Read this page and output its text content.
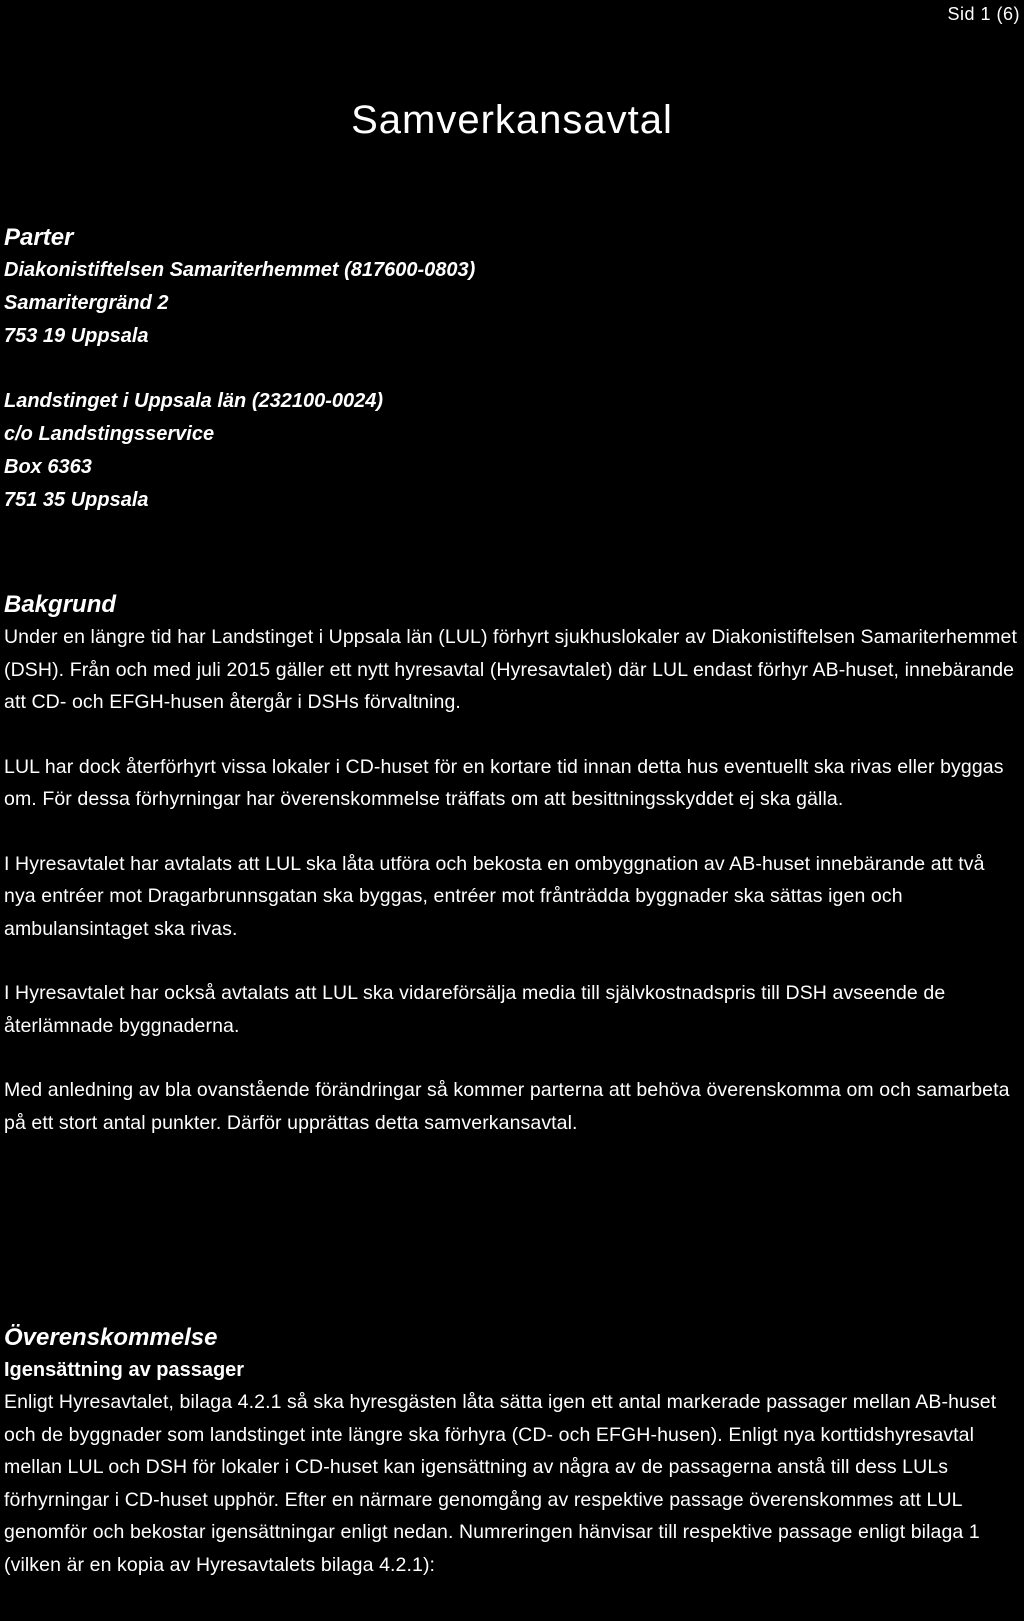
Sid 1 (6)
Samverkansavtal
Parter

Diakonistiftelsen Samariterhemmet (817600-0803)

Samaritergränd 2

753 19 Uppsala

Landstinget i Uppsala län (232100-0024)

c/o Landstingsservice

Box 6363

751 35 Uppsala

Bakgrund

Under en längre tid har Landstinget i Uppsala län (LUL) förhyrt sjukhuslokaler av Diakonistiftelsen Samariterhemmet (DSH). Från och med juli 2015 gäller ett nytt hyresavtal (Hyresavtalet) där LUL endast förhyr AB-huset, innebärande att CD- och EFGH-husen återgår i DSHs förvaltning.

LUL har dock återförhyrt vissa lokaler i CD-huset för en kortare tid innan detta hus eventuellt ska rivas eller byggas om. För dessa förhyrningar har överenskommelse träffats om att besittningsskyddet ej ska gälla.

I Hyresavtalet har avtalats att LUL ska låta utföra och bekosta en ombyggnation av AB-huset innebärande att två nya entréer mot Dragarbrunnsgatan ska byggas, entréer mot frånträdda byggnader ska sättas igen och ambulansintaget ska rivas.

I Hyresavtalet har också avtalats att LUL ska vidareförsälja media till självkostnadspris till DSH avseende de återlämnade byggnaderna.

Med anledning av bla ovanstående förändringar så kommer parterna att behöva överenskomma om och samarbeta på ett stort antal punkter. Därför upprättas detta samverkansavtal.

Överenskommelse

Igensättning av passager

Enligt Hyresavtalet, bilaga 4.2.1 så ska hyresgästen låta sätta igen ett antal markerade passager mellan AB-huset och de byggnader som landstinget inte längre ska förhyra (CD- och EFGH-husen). Enligt nya korttidshyresavtal mellan LUL och DSH för lokaler i CD-huset kan igensättning av några av de passagerna anstå till dess LULs förhyrningar i CD-huset upphör. Efter en närmare genomgång av respektive passage överenskommes att LUL genomför och bekostar igensättningar enligt nedan. Numreringen hänvisar till respektive passage enligt bilaga 1 (vilken är en kopia av Hyresavtalets bilaga 4.2.1):
